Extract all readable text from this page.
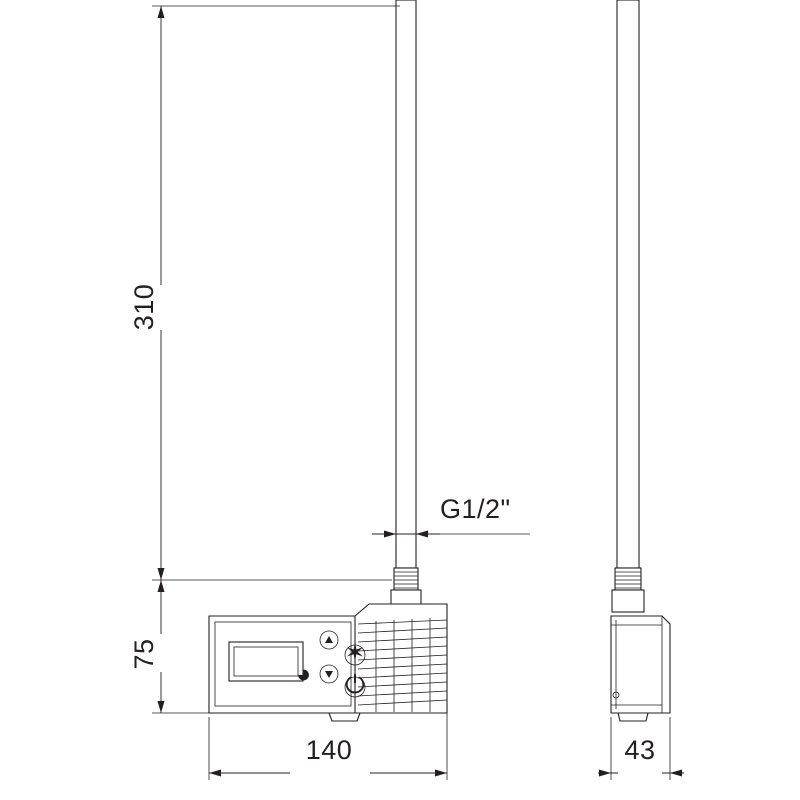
◕
✶
⏻
310
75
140	43
G1/2"
